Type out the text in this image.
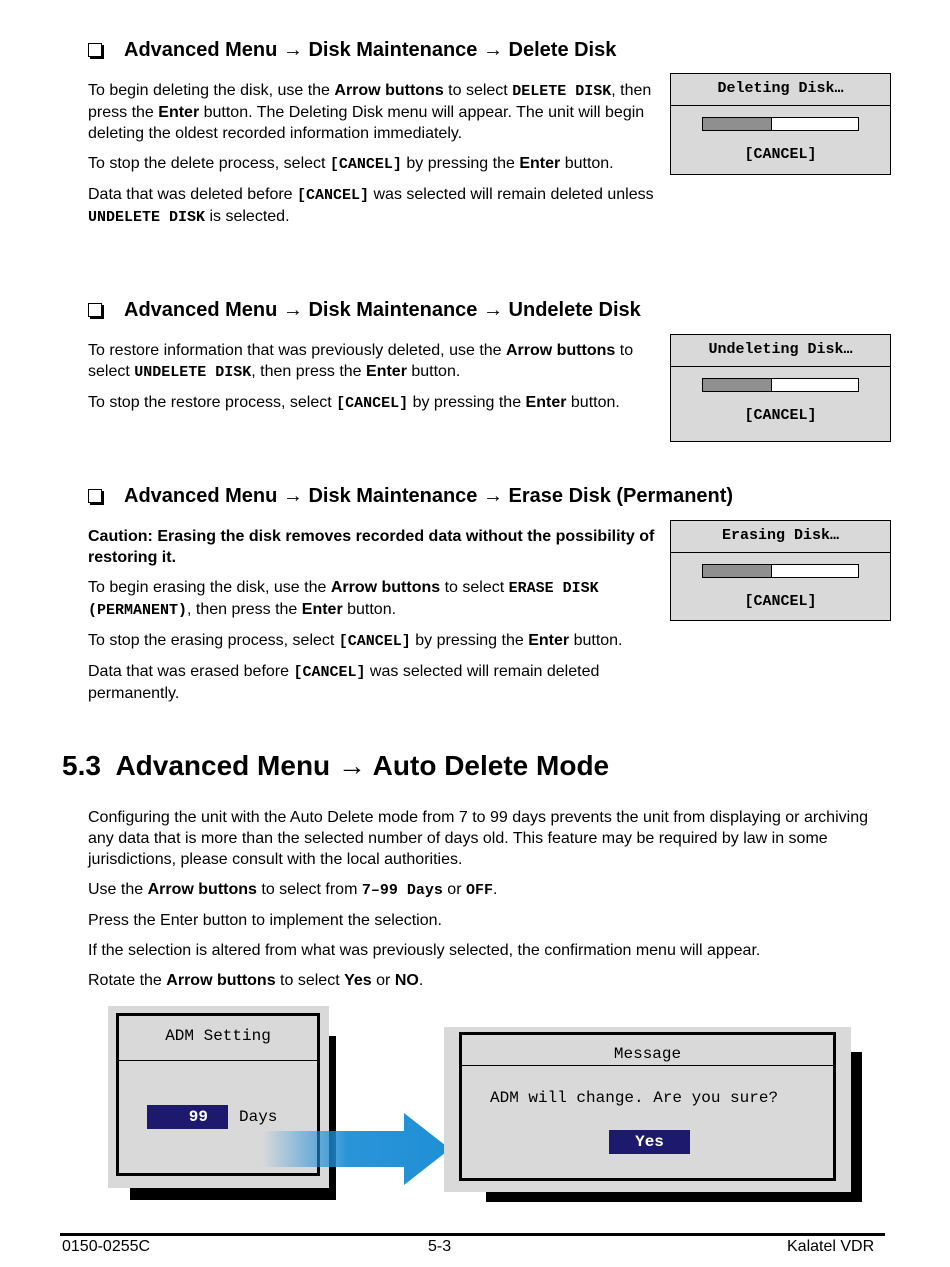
Advanced Menu → Disk Maintenance → Delete Disk

To begin deleting the disk, use the Arrow buttons to select DELETE DISK, then press the Enter button. The Deleting Disk menu will appear. The unit will begin deleting the oldest recorded information immediately.

To stop the delete process, select [CANCEL] by pressing the Enter button.

Data that was deleted before [CANCEL] was selected will remain deleted unless UNDELETE DISK is selected.

Deleting Disk…
[CANCEL]
Advanced Menu → Disk Maintenance → Undelete Disk

To restore information that was previously deleted, use the Arrow buttons to select UNDELETE DISK, then press the Enter button.

To stop the restore process, select [CANCEL] by pressing the Enter button.

Undeleting Disk…
[CANCEL]
Advanced Menu → Disk Maintenance → Erase Disk (Permanent)

Caution: Erasing the disk removes recorded data without the possibility of restoring it.

To begin erasing the disk, use the Arrow buttons to select ERASE DISK (PERMANENT), then press the Enter button.

To stop the erasing process, select [CANCEL] by pressing the Enter button.

Data that was erased before [CANCEL] was selected will remain deleted permanently.

Erasing Disk…
[CANCEL]
5.3  Advanced Menu → Auto Delete Mode

Configuring the unit with the Auto Delete mode from 7 to 99 days prevents the unit from displaying or archiving any data that is more than the selected number of days old. This feature may be required by law in some jurisdictions, please consult with the local authorities.

Use the Arrow buttons to select from 7–99 Days or OFF.

Press the Enter button to implement the selection.

If the selection is altered from what was previously selected, the confirmation menu will appear.

Rotate the Arrow buttons to select Yes or NO.

ADM Setting
99	Days
Message
ADM will change. Are you sure?
Yes
0150-0255C	5-3	Kalatel VDR
